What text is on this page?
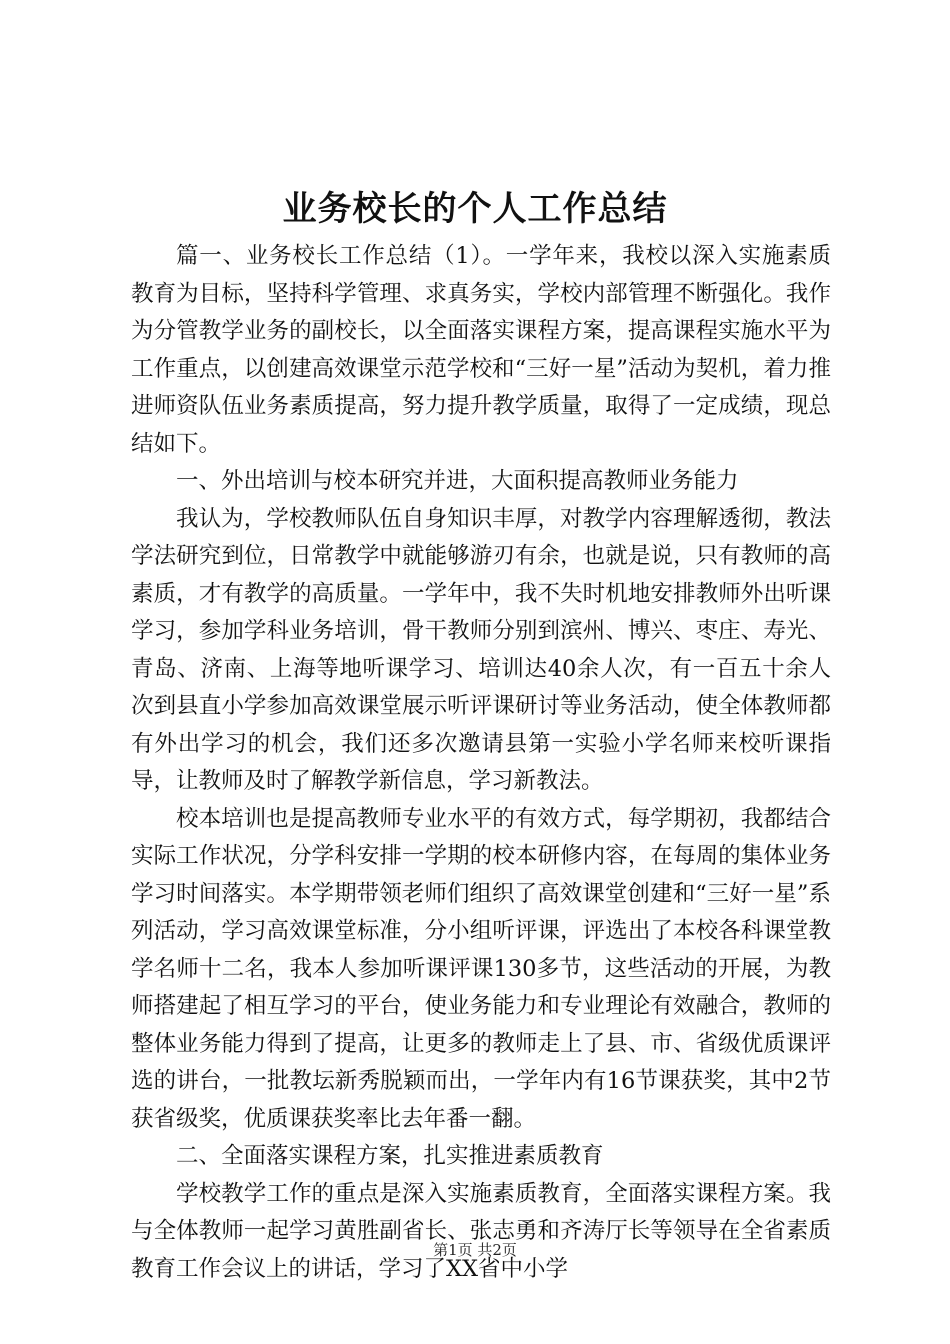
业务校长的个人工作总结

篇一、业务校长工作总结（1）。一学年来，我校以深入实施素质教育为目标，坚持科学管理、求真务实，学校内部管理不断强化。我作为分管教学业务的副校长，以全面落实课程方案，提高课程实施水平为工作重点，以创建高效课堂示范学校和“三好一星”活动为契机，着力推进师资队伍业务素质提高，努力提升教学质量，取得了一定成绩，现总结如下。

一、外出培训与校本研究并进，大面积提高教师业务能力

我认为，学校教师队伍自身知识丰厚，对教学内容理解透彻，教法学法研究到位，日常教学中就能够游刃有余，也就是说，只有教师的高素质，才有教学的高质量。一学年中，我不失时机地安排教师外出听课学习，参加学科业务培训，骨干教师分别到滨州、博兴、枣庄、寿光、青岛、济南、上海等地听课学习、培训达40余人次，有一百五十余人次到县直小学参加高效课堂展示听评课研讨等业务活动，使全体教师都有外出学习的机会，我们还多次邀请县第一实验小学名师来校听课指导，让教师及时了解教学新信息，学习新教法。

校本培训也是提高教师专业水平的有效方式，每学期初，我都结合实际工作状况，分学科安排一学期的校本研修内容，在每周的集体业务学习时间落实。本学期带领老师们组织了高效课堂创建和“三好一星”系列活动，学习高效课堂标准，分小组听评课，评选出了本校各科课堂教学名师十二名，我本人参加听课评课130多节，这些活动的开展，为教师搭建起了相互学习的平台，使业务能力和专业理论有效融合，教师的整体业务能力得到了提高，让更多的教师走上了县、市、省级优质课评选的讲台，一批教坛新秀脱颖而出，一学年内有16节课获奖，其中2节获省级奖，优质课获奖率比去年番一翻。

二、全面落实课程方案，扎实推进素质教育

学校教学工作的重点是深入实施素质教育，全面落实课程方案。我与全体教师一起学习黄胜副省长、张志勇和齐涛厅长等领导在全省素质教育工作会议上的讲话，学习了XX省中小学

第1页 共2页
